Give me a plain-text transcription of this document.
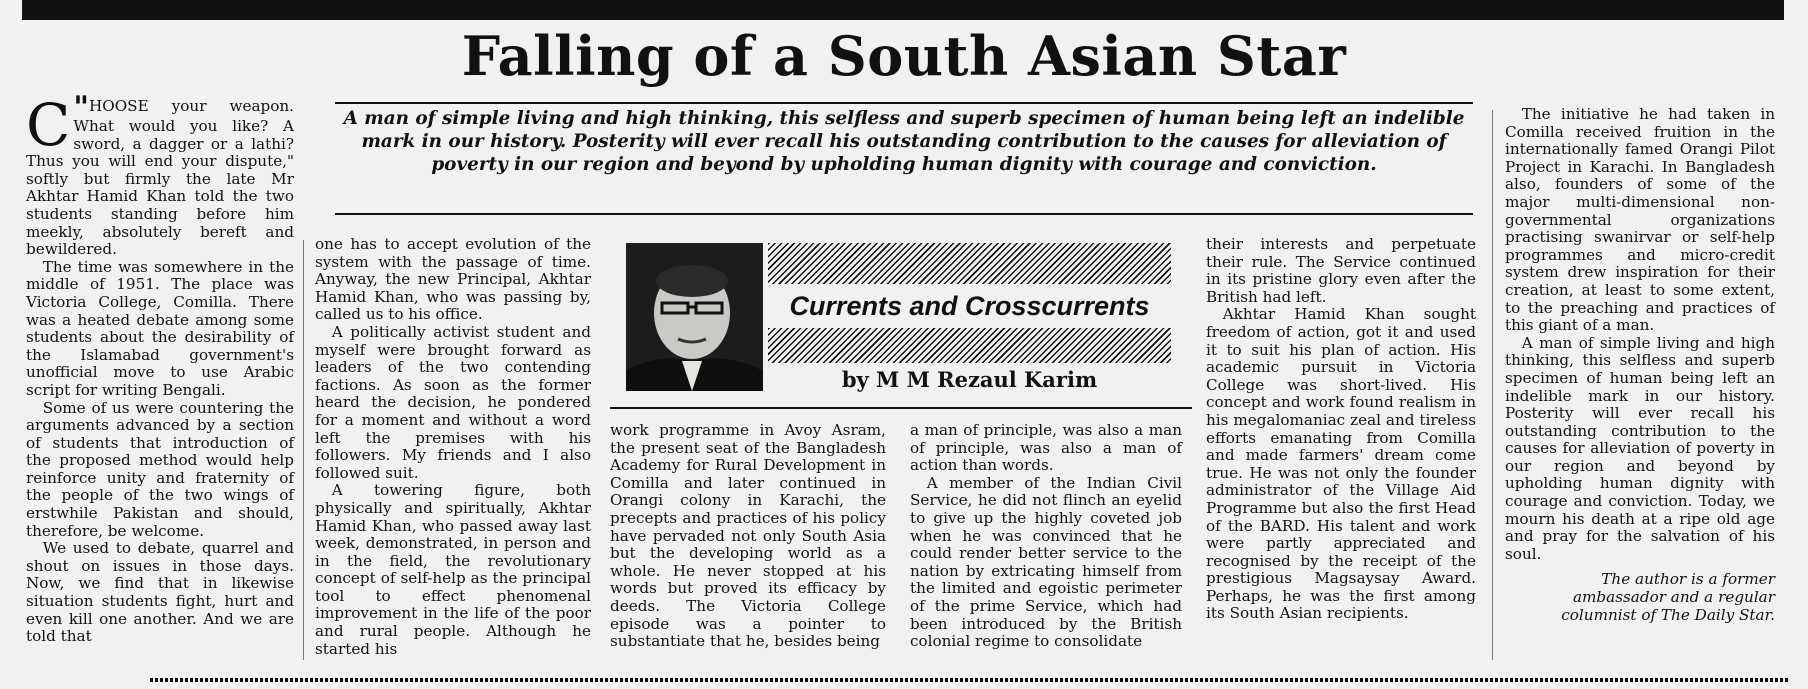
Falling of a South Asian Star

"
C HOOSE your weapon. What would you like? A sword, a dagger or a lathi? Thus you will end your dispute," softly but firmly the late Mr Akhtar Hamid Khan told the two students standing before him meekly, absolutely bereft and bewildered.

The time was somewhere in the middle of 1951. The place was Victoria College, Comilla. There was a heated debate among some students about the desirability of the Islamabad government's unofficial move to use Arabic script for writing Bengali.

Some of us were countering the arguments advanced by a section of students that introduction of the proposed method would help reinforce unity and fraternity of the people of the two wings of erstwhile Pakistan and should, therefore, be welcome.

We used to debate, quarrel and shout on issues in those days. Now, we find that in likewise situation students fight, hurt and even kill one another. And we are told that

A man of simple living and high thinking, this selfless and superb specimen of human being left an indelible mark in our history. Posterity will ever recall his outstanding contribution to the causes for alleviation of poverty in our region and beyond by upholding human dignity with courage and conviction.

one has to accept evolution of the system with the passage of time. Anyway, the new Principal, Akhtar Hamid Khan, who was passing by, called us to his office.

A politically activist student and myself were brought forward as leaders of the two contending factions. As soon as the former heard the decision, he pondered for a moment and without a word left the premises with his followers. My friends and I also followed suit.

A towering figure, both physically and spiritually, Akhtar Hamid Khan, who passed away last week, demonstrated, in person and in the field, the revolutionary concept of self-help as the principal tool to effect phenomenal improvement in the life of the poor and rural people. Although he started his

Currents and Crosscurrents
by M M Rezaul Karim

work programme in Avoy Asram, the present seat of the Bangladesh Academy for Rural Development in Comilla and later continued in Orangi colony in Karachi, the precepts and practices of his policy have pervaded not only South Asia but the developing world as a whole. He never stopped at his words but proved its efficacy by deeds. The Victoria College episode was a pointer to substantiate that he, besides being

a man of principle, was also a man of principle, was also a man of action than words.

A member of the Indian Civil Service, he did not flinch an eyelid to give up the highly coveted job when he was convinced that he could render better service to the nation by extricating himself from the limited and egoistic perimeter of the prime Service, which had been introduced by the British colonial regime to consolidate

their interests and perpetuate their rule. The Service continued in its pristine glory even after the British had left.

Akhtar Hamid Khan sought freedom of action, got it and used it to suit his plan of action. His academic pursuit in Victoria College was short-lived. His concept and work found realism in his megalomaniac zeal and tireless efforts emanating from Comilla and made farmers' dream come true. He was not only the founder administrator of the Village Aid Programme but also the first Head of the BARD. His talent and work were partly appreciated and recognised by the receipt of the prestigious Magsaysay Award. Perhaps, he was the first among its South Asian recipients.

The initiative he had taken in Comilla received fruition in the internationally famed Orangi Pilot Project in Karachi. In Bangladesh also, founders of some of the major multi-dimensional non-governmental organizations practising swanirvar or self-help programmes and micro-credit system drew inspiration for their creation, at least to some extent, to the preaching and practices of this giant of a man.

A man of simple living and high thinking, this selfless and superb specimen of human being left an indelible mark in our history. Posterity will ever recall his outstanding contribution to the causes for alleviation of poverty in our region and beyond by upholding human dignity with courage and conviction. Today, we mourn his death at a ripe old age and pray for the salvation of his soul.

The author is a former ambassador and a regular columnist of The Daily Star.
